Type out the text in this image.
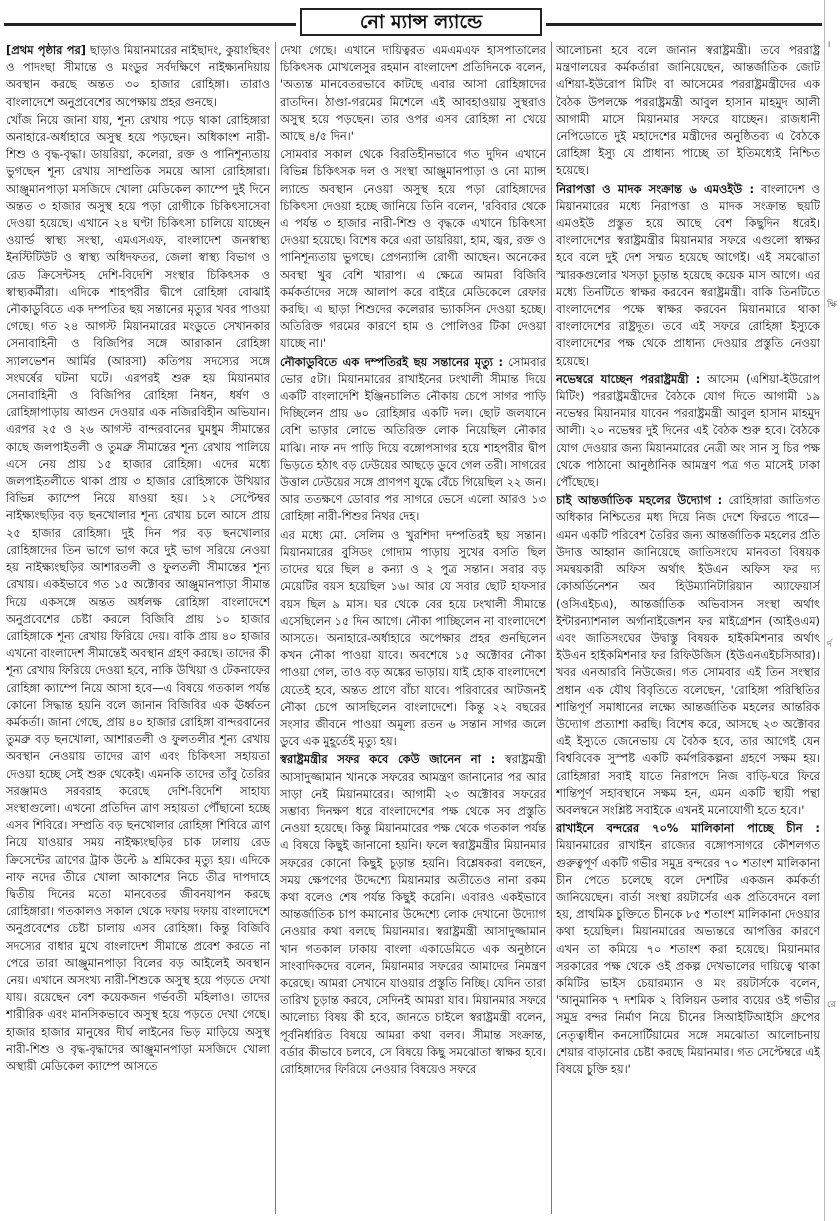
নো ম্যান্স ল্যান্ডে

[প্রথম পৃষ্ঠার পর] ছাড়াও মিয়ানমারের নাইছাদং, কুয়াংছিবং ও পাদংছা সীমান্তে ও মংডুর সর্বদক্ষিণে নাইক্ষ্যনদিয়ায় অবস্থান করছে অন্তত ৩০ হাজার রোহিঙ্গা। তারাও বাংলাদেশে অনুপ্রবেশের অপেক্ষায় প্রহর গুনছে।

খোঁজ নিয়ে জানা যায়, শূন্য রেখায় পড়ে থাকা রোহিঙ্গারা অনাহারে-অর্ধাহারে অসুস্থ হয়ে পড়ছেন। অধিকাংশ নারী-শিশু ও বৃদ্ধ-বৃদ্ধা। ডায়রিয়া, কলেরা, রক্ত ও পানিশূন্যতায় ভুগছেন শূন্য রেখায় সাম্প্রতিক সময়ে আসা রোহিঙ্গারা। আঞ্জুমানপাড়া মসজিদে খোলা মেডিকেল ক্যাম্পে দুই দিনে অন্তত ৩ হাজার অসুস্থ হয়ে পড়া রোগীকে চিকিৎসাসেবা দেওয়া হয়েছে। এখানে ২৪ ঘণ্টা চিকিৎসা চালিয়ে যাচ্ছেন ওয়ার্ল্ড স্বাস্থ্য সংস্থা, এমএসএফ, বাংলাদেশ জনস্বাস্থ্য ইনস্টিটিউট ও স্বাস্থ্য অধিদফতর, জেলা স্বাস্থ্য বিভাগ ও রেড ক্রিসেন্টসহ দেশি-বিদেশি সংস্থার চিকিৎসক ও স্বাস্থ্যকর্মীরা। এদিকে শাহপরীর দ্বীপে রোহিঙ্গা বোঝাই নৌকাডুবিতে এক দম্পতির ছয় সন্তানের মৃত্যুর খবর পাওয়া গেছে। গত ২৪ আগস্ট মিয়ানমারের মংডুতে সেখানকার সেনাবাহিনী ও বিজিপির সঙ্গে আরাকান রোহিঙ্গা স্যালভেশন আর্মির (আরসা) কতিপয় সদস্যের সঙ্গে সংঘর্ষের ঘটনা ঘটে। এরপরই শুরু হয় মিয়ানমার সেনাবাহিনী ও বিজিপির রোহিঙ্গা নিধন, ধর্ষণ ও রোহিঙ্গাপাড়ায় আগুন দেওয়ার এক নজিরবিহীন অভিযান। এরপর ২৫ ও ২৬ আগস্ট বান্দরবানের ঘুমধুম সীমান্তের কাছে জলপাইতলী ও তুমব্রু সীমান্তের শূন্য রেখায় পালিয়ে এসে নেয় প্রায় ১৫ হাজার রোহিঙ্গা। এদের মধ্যে জলপাইতলীতে থাকা প্রায় ৩ হাজার রোহিঙ্গাকে উখিয়ার বিভিন্ন ক্যাম্পে নিয়ে যাওয়া হয়। ১২ সেপ্টেম্বর নাইক্ষ্যংছড়ির বড় ছনখোলার শূন্য রেখায় চলে আসে প্রায় ২৫ হাজার রোহিঙ্গা। দুই দিন পর বড় ছনখোলার রোহিঙ্গাদের তিন ভাগে ভাগ করে দুই ভাগ সরিয়ে নেওয়া হয় নাইক্ষ্যংছড়ির আশারতলী ও ফুলতলী সীমান্তের শূন্য রেখায়। একইভাবে গত ১৫ অক্টোবর আঞ্জুমানপাড়া সীমান্ত দিয়ে একসঙ্গে অন্তত অর্ধলক্ষ রোহিঙ্গা বাংলাদেশে অনুপ্রবেশের চেষ্টা করলে বিজিবি প্রায় ১০ হাজার রোহিঙ্গাকে শূন্য রেখায় ফিরিয়ে দেয়। বাকি প্রায় ৪০ হাজার এখনো বাংলাদেশ সীমান্তেই অবস্থান গ্রহণ করছে। তাদের কী শূন্য রেখায় ফিরিয়ে দেওয়া হবে, নাকি উখিয়া ও টেকনাফের রোহিঙ্গা ক্যাম্পে নিয়ে আসা হবে—এ বিষয়ে গতকাল পর্যন্ত কোনো সিদ্ধান্ত হয়নি বলে জানান বিজিবির এক ঊর্ধ্বতন কর্মকর্তা। জানা গেছে, প্রায় ৪০ হাজার রোহিঙ্গা বান্দরবানের তুমব্রু বড় ছনখোলা, আশারতলী ও ফুলতলীর শূন্য রেখায় অবস্থান নেওয়ায় তাদের ত্রাণ এবং চিকিৎসা সহায়তা দেওয়া হচ্ছে সেই শুরু থেকেই। এমনকি তাদের তাঁবু তৈরির সরঞ্জামও সরবরাহ করেছে দেশি-বিদেশি সাহায্য সংস্থাগুলো। এখনো প্রতিদিন ত্রাণ সহায়তা পৌঁছানো হচ্ছে এসব শিবিরে। সম্প্রতি বড় ছনখোলার রোহিঙ্গা শিবিরে ত্রাণ নিয়ে যাওয়ার সময় নাইক্ষ্যংছড়ির চাক ঢালায় রেড ক্রিসেন্টের ত্রাণের ট্রাক উল্টে ৯ শ্রমিকের মৃত্যু হয়। এদিকে নাফ নদের তীরে খোলা আকাশের নিচে তীব্র দাপদাহে দ্বিতীয় দিনের মতো মানবেতর জীবনযাপন করছে রোহিঙ্গারা। গতকালও সকাল থেকে দফায় দফায় বাংলাদেশে অনুপ্রবেশের চেষ্টা চালায় এসব রোহিঙ্গা। কিন্তু বিজিবি সদস্যের বাধার মুখে বাংলাদেশ সীমান্তে প্রবেশ করতে না পেরে তারা আঞ্জুমানপাড়া বিলের বড় আইলেই অবস্থান নেয়। এখানে অসংখ্য নারী-শিশুকে অসুস্থ হয়ে পড়তে দেখা যায়। রয়েছেন বেশ কয়েকজন গর্ভবতী মহিলাও। তাদের শারীরিক এবং মানসিকভাবে অসুস্থ হয়ে পড়তে দেখা গেছে। হাজার হাজার মানুষের দীর্ঘ লাইনের ভিড় মাড়িয়ে অসুস্থ নারী-শিশু ও বৃদ্ধ-বৃদ্ধাদের আঞ্জুমানপাড়া মসজিদে খোলা অস্থায়ী মেডিকেল ক্যাম্পে আসতে

দেখা গেছে। এখানে দায়িত্বরত এমএমএফ হাসপাতালের চিকিৎসক মোখলেসুর রহমান বাংলাদেশ প্রতিদিনকে বলেন, 'অত্যন্ত মানবেতরভাবে কাটছে এবার আসা রোহিঙ্গাদের রাতদিন। ঠাণ্ডা-গরমের মিশেলে এই আবহাওয়ায় সুস্থরাও অসুস্থ হয়ে পড়ছেন। তার ওপর এসব রোহিঙ্গা না খেয়ে আছে ৪/৫ দিন।'

সোমবার সকাল থেকে বিরতিহীনভাবে গত দুদিন এখানে বিভিন্ন চিকিৎসক দল ও সংস্থা আঞ্জুমানপাড়া ও নো ম্যান্স ল্যান্ডে অবস্থান নেওয়া অসুস্থ হয়ে পড়া রোহিঙ্গাদের চিকিৎসা দেওয়া হচ্ছে জানিয়ে তিনি বলেন, 'রবিবার থেকে এ পর্যন্ত ৩ হাজার নারী-শিশু ও বৃদ্ধকে এখানে চিকিৎসা দেওয়া হয়েছে। বিশেষ করে এরা ডায়রিয়া, হাম, জ্বর, রক্ত ও পানিশূন্যতায় ভুগছে। প্রেগন্যান্সি রোগী আছেন। অনেকের অবস্থা খুব বেশি খারাপ। এ ক্ষেত্রে আমরা বিজিবি কর্মকর্তাদের সঙ্গে আলাপ করে বাইরে মেডিকেলে রেফার করছি। এ ছাড়া শিশুদের কলেরার ভ্যাকসিন দেওয়া হচ্ছে। অতিরিক্ত গরমের কারণে হাম ও পোলিওর টিকা দেওয়া যাচ্ছে না।'

নৌকাডুবিতে এক দম্পতিরই ছয় সন্তানের মৃত্যু : সোমবার ভোর ৫টা। মিয়ানমারের রাখাইনের ঢংখালী সীমান্ত দিয়ে একটি বাংলাদেশি ইঞ্জিনচালিত নৌকায় চেপে সাগর পাড়ি দিচ্ছিলেন প্রায় ৬০ রোহিঙ্গার একটি দল। ছোট জলযানে বেশি ভাড়ার লোভে অতিরিক্ত লোক নিয়েছিল নৌকার মাঝি। নাফ নদ পাড়ি দিয়ে বঙ্গোপসাগর হয়ে শাহপরীর দ্বীপ ভিড়তে হঠাৎ বড় ঢেউয়ের আছড়ে ডুবে গেল তরী। সাগরের উত্তাল ঢেউয়ের সঙ্গে প্রাণপণ যুদ্ধে বেঁচে গিয়েছিল ২২ জন। আর ততক্ষণে ডোবার পর সাগরে ভেসে এলো আরও ১৩ রোহিঙ্গা নারী-শিশুর নিথর দেহ।

এর মধ্যে মো. সেলিম ও খুরশিদা দম্পতিরই ছয় সন্তান। মিয়ানমারের বুসিডং গোদাম পাড়ায় সুখের বসতি ছিল তাদের ঘরে ছিল ৪ কন্যা ও ২ পুত্র সন্তান। সবার বড় মেয়েটির বয়স হয়েছিল ১৬। আর যে সবার ছোট হাফসার বয়স ছিল ৯ মাস। ঘর থেকে বের হয়ে ঢংখালী সীমান্তে এসেছিলেন ১৫ দিন আগে। নৌকা পাচ্ছিলেন না বাংলাদেশে আসতে। অনাহারে-অর্ধাহারে অপেক্ষার প্রহর গুনছিলেন কখন নৌকা পাওয়া যাবে। অবশেষে ১৫ অক্টোবর নৌকা পাওয়া গেল, তাও বড় অঙ্কের ভাড়ায়। যাই হোক বাংলাদেশে যেতেই হবে, অন্তত প্রাণে বাঁচা যাবে। পরিবারের আটজনই নৌকা চেপে আসছিলেন বাংলাদেশে। কিন্তু ২২ বছরের সংসার জীবনে পাওয়া অমূল্য রতন ৬ সন্তান সাগর জলে ডুবে এক মুহূর্তেই মৃত্যু হয়।

স্বরাষ্ট্রমন্ত্রীর সফর কবে কেউ জানেন না : স্বরাষ্ট্রমন্ত্রী আসাদুজ্জামান খানকে সফরের আমন্ত্রণ জানানোর পর আর সাড়া নেই মিয়ানমারের। আগামী ২৩ অক্টোবর সফরের সম্ভাব্য দিনক্ষণ ধরে বাংলাদেশের পক্ষ থেকে সব প্রস্তুতি নেওয়া হয়েছে। কিন্তু মিয়ানমারের পক্ষ থেকে গতকাল পর্যন্ত এ বিষয়ে কিছুই জানানো হয়নি। ফলে স্বরাষ্ট্রমন্ত্রীর মিয়ানমার সফরের কোনো কিছুই চূড়ান্ত হয়নি। বিশ্লেষকরা বলছেন, সময় ক্ষেপণের উদ্দেশ্যে মিয়ানমার অতীতেও নানা রকম কথা বলেও শেষ পর্যন্ত কিছুই করেনি। এবারও একইভাবে আন্তর্জাতিক চাপ কমানোর উদ্দেশ্যে লোক দেখানো উদ্যোগ নেওয়ার কথা বলছে মিয়ানমার। স্বরাষ্ট্রমন্ত্রী আসাদুজ্জামান খান গতকাল ঢাকায় বাংলা একাডেমিতে এক অনুষ্ঠানে সাংবাদিকদের বলেন, মিয়ানমার সফরের আমাদের নিমন্ত্রণ করেছে। আমরা সেখানে যাওয়ার প্রস্তুতি নিচ্ছি। যেদিন তারা তারিখ চূড়ান্ত করবে, সেদিনই আমরা যাব। মিয়ানমার সফরে আলোচ্য বিষয় কী হবে, জানতে চাইলে স্বরাষ্ট্রমন্ত্রী বলেন, পূর্বনির্ধারিত বিষয়ে আমরা কথা বলব। সীমান্ত সংক্রান্ত, বর্ডার কীভাবে চলবে, সে বিষয়ে কিছু সমঝোতা স্বাক্ষর হবে। রোহিঙ্গাদের ফিরিয়ে নেওয়ার বিষয়েও সফরে

আলোচনা হবে বলে জানান স্বরাষ্ট্রমন্ত্রী। তবে পররাষ্ট্র মন্ত্রণালয়ের কর্মকর্তারা জানিয়েছেন, আন্তর্জাতিক জোট এশিয়া-ইউরোপ মিটিং বা আসেমের পররাষ্ট্রমন্ত্রীদের এক বৈঠক উপলক্ষে পররাষ্ট্রমন্ত্রী আবুল হাসান মাহমুদ আলী আগামী মাসে মিয়ানমার সফরে যাচ্ছেন। রাজধানী নেপিডোতে দুই মহাদেশের মন্ত্রীদের অনুষ্ঠিতব্য এ বৈঠকে রোহিঙ্গা ইস্যু যে প্রাধান্য পাচ্ছে তা ইতিমধ্যেই নিশ্চিত হয়েছে।

নিরাপত্তা ও মাদক সংক্রান্ত ৬ এমওইউ : বাংলাদেশ ও মিয়ানমারের মধ্যে নিরাপত্তা ও মাদক সংক্রান্ত ছয়টি এমওইউ প্রস্তুত হয়ে আছে বেশ কিছুদিন ধরেই। বাংলাদেশের স্বরাষ্ট্রমন্ত্রীর মিয়ানমার সফরে এগুলো স্বাক্ষর হবে বলে দুই দেশ সম্মত হয়েছে আগেই। এই সমঝোতা স্মারকগুলোর খসড়া চূড়ান্ত হয়েছে কয়েক মাস আগে। এর মধ্যে তিনটিতে স্বাক্ষর করবেন স্বরাষ্ট্রমন্ত্রী। বাকি তিনটিতে বাংলাদেশের পক্ষে স্বাক্ষর করবেন মিয়ানমারে থাকা বাংলাদেশের রাষ্ট্রদূত। তবে এই সফরে রোহিঙ্গা ইস্যুকে বাংলাদেশের পক্ষ থেকে প্রাধান্য দেওয়ার প্রস্তুতি নেওয়া হয়েছে।

নভেম্বরে যাচ্ছেন পররাষ্ট্রমন্ত্রী : আসেম (এশিয়া-ইউরোপ মিটিং) পররাষ্ট্রমন্ত্রীদের বৈঠকে যোগ দিতে আগামী ১৯ নভেম্বর মিয়ানমার যাবেন পররাষ্ট্রমন্ত্রী আবুল হাসান মাহমুদ আলী। ২০ নভেম্বর দুই দিনের এই বৈঠক শুরু হবে। বৈঠকে যোগ দেওয়ার জন্য মিয়ানমারের নেত্রী অং সান সু চির পক্ষ থেকে পাঠানো আনুষ্ঠানিক আমন্ত্রণ পত্র গত মাসেই ঢাকা পৌঁছেছে।

চাই আন্তর্জাতিক মহলের উদ্যোগ : রোহিঙ্গারা জাতিগত অধিকার নিশ্চিতের মধ্য দিয়ে নিজ দেশে ফিরতে পারে—এমন একটি পরিবেশ তৈরির জন্য আন্তর্জাতিক মহলের প্রতি উদাত্ত আহ্বান জানিয়েছে জাতিসংঘে মানবতা বিষয়ক সমন্বয়কারী অফিস অর্থাৎ ইউএন অফিস ফর দ্য কোঅর্ডিনেশন অব হিউম্যানিটারিয়ান অ্যাফেয়ার্স (ওসিএইচএ), আন্তর্জাতিক অভিবাসন সংস্থা অর্থাৎ ইন্টারন্যাশনাল অর্গানাইজেশন ফর মাইগ্রেশন (আইওএম) এবং জাতিসংঘের উদ্বাস্তু বিষয়ক হাইকমিশনার অর্থাৎ ইউএন হাইকমিশনার ফর রিফিউজিস (ইউএনএইচসিআর)। খবর এনআরবি নিউজের। গত সোমবার এই তিন সংস্থার প্রধান এক যৌথ বিবৃতিতে বলেছেন, 'রোহিঙ্গা পরিস্থিতির শান্তিপূর্ণ সমাধানের লক্ষ্যে আন্তর্জাতিক মহলের আন্তরিক উদ্যোগ প্রত্যাশা করছি। বিশেষ করে, আসছে ২৩ অক্টোবর এই ইস্যুতে জেনেভায় যে বৈঠক হবে, তার আগেই যেন বিশ্ববিবেক সুস্পষ্ট একটি কর্মপরিকল্পনা গ্রহণে সক্ষম হয়। রোহিঙ্গারা সবাই যাতে নিরাপদে নিজ বাড়ি-ঘরে ফিরে শান্তিপূর্ণ সহাবস্থানে সক্ষম হন, এমন একটি স্থায়ী পন্থা অবলম্বনে সংশ্লিষ্ট সবাইকে এখনই মনোযোগী হতে হবে।'

রাখাইনে বন্দরের ৭০% মালিকানা পাচ্ছে চীন : মিয়ানমারের রাখাইন রাজ্যের বঙ্গোপসাগরে কৌশলগত গুরুত্বপূর্ণ একটি গভীর সমুদ্র বন্দরের ৭০ শতাংশ মালিকানা চীন পেতে চলেছে বলে দেশটির একজন কর্মকর্তা জানিয়েছেন। বার্তা সংস্থা রয়টার্সের এক প্রতিবেদনে বলা হয়, প্রাথমিক চুক্তিতে চীনকে ৮৫ শতাংশ মালিকানা দেওয়ার কথা হয়েছিল। মিয়ানমারের অভ্যন্তরে আপত্তির কারণে এখন তা কমিয়ে ৭০ শতাংশ করা হয়েছে। মিয়ানমার সরকারের পক্ষ থেকে ওই প্রকল্প দেখভালের দায়িত্বে থাকা কমিটির ভাইস চেয়ারম্যান ও মং রয়টার্সকে বলেন, 'আনুমানিক ৭ দশমিক ২ বিলিয়ন ডলার ব্যয়ের ওই গভীর সমুদ্র বন্দর নির্মাণ নিয়ে চীনের সিআইটিআইসি গ্রুপের নেতৃত্বাধীন কনসোর্টিয়ামের সঙ্গে সমঝোতা আলোচনায় শেয়ার বাড়ানোর চেষ্টা করছে মিয়ানমার। গত সেপ্টেম্বরে এই বিষয়ে চুক্তি হয়।'

।
ক্ষি
র্দ
রে
